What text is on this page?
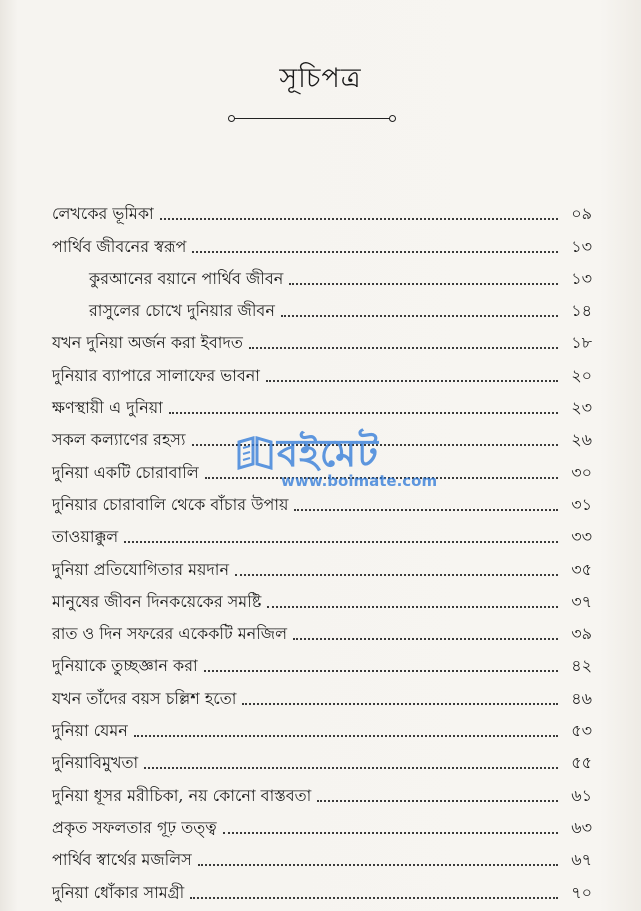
সূচিপত্র
লেখকের ভূমিকা	০৯
পার্থিব জীবনের স্বরূপ	১৩
কুরআনের বয়ানে পার্থিব জীবন	১৩
রাসুলের চোখে দুনিয়ার জীবন	১৪
যখন দুনিয়া অর্জন করা ইবাদত	১৮
দুনিয়ার ব্যাপারে সালাফের ভাবনা	২০
ক্ষণস্থায়ী এ দুনিয়া	২৩
সকল কল্যাণের রহস্য	২৬
দুনিয়া একটি চোরাবালি	৩০
দুনিয়ার চোরাবালি থেকে বাঁচার উপায়	৩১
তাওয়াক্কুল	৩৩
দুনিয়া প্রতিযোগিতার ময়দান	৩৫
মানুষের জীবন দিনকয়েকের সমষ্টি	৩৭
রাত ও দিন সফরের একেকটি মনজিল	৩৯
দুনিয়াকে তুচ্ছজ্ঞান করা	৪২
যখন তাঁদের বয়স চল্লিশ হতো	৪৬
দুনিয়া যেমন	৫৩
দুনিয়াবিমুখতা	৫৫
দুনিয়া ধূসর মরীচিকা, নয় কোনো বাস্তবতা	৬১
প্রকৃত সফলতার গূঢ় তত্ত্ব	৬৩
পার্থিব স্বার্থের মজলিস	৬৭
দুনিয়া ধোঁকার সামগ্রী	৭০
বইমেট
www.boimate.com
